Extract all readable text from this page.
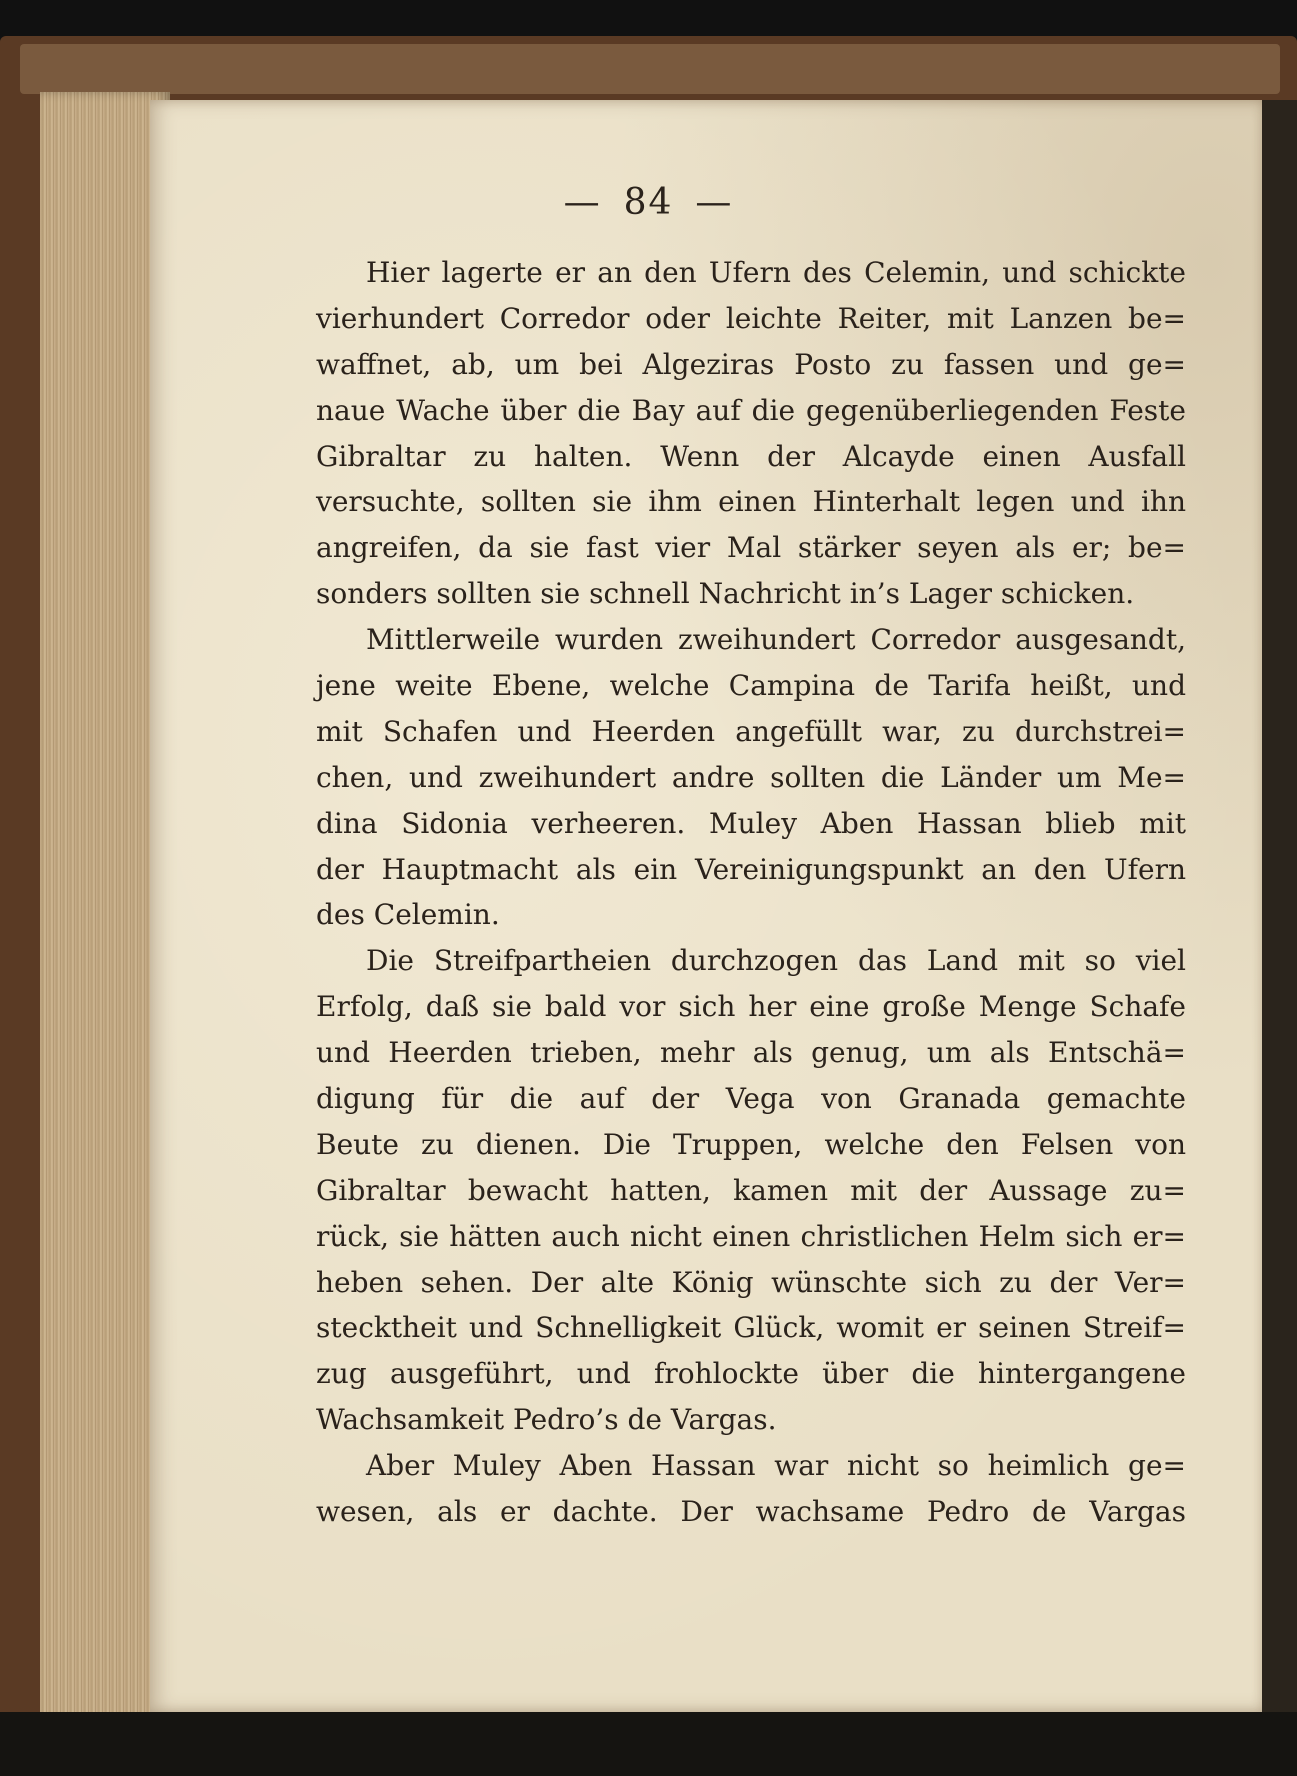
— 84 —

Hier lagerte er an den Ufern des Celemin, und schickte
vierhundert Corredor oder leichte Reiter, mit Lanzen be=
waffnet, ab, um bei Algeziras Posto zu fassen und ge=
naue Wache über die Bay auf die gegenüberliegenden Feste
Gibraltar zu halten. Wenn der Alcayde einen Ausfall
versuchte, sollten sie ihm einen Hinterhalt legen und ihn
angreifen, da sie fast vier Mal stärker seyen als er; be=
sonders sollten sie schnell Nachricht in’s Lager schicken.

Mittlerweile wurden zweihundert Corredor ausgesandt,
jene weite Ebene, welche Campina de Tarifa heißt, und
mit Schafen und Heerden angefüllt war, zu durchstrei=
chen, und zweihundert andre sollten die Länder um Me=
dina Sidonia verheeren. Muley Aben Hassan blieb mit
der Hauptmacht als ein Vereinigungspunkt an den Ufern
des Celemin.

Die Streifpartheien durchzogen das Land mit so viel
Erfolg, daß sie bald vor sich her eine große Menge Schafe
und Heerden trieben, mehr als genug, um als Entschä=
digung für die auf der Vega von Granada gemachte
Beute zu dienen. Die Truppen, welche den Felsen von
Gibraltar bewacht hatten, kamen mit der Aussage zu=
rück, sie hätten auch nicht einen christlichen Helm sich er=
heben sehen. Der alte König wünschte sich zu der Ver=
stecktheit und Schnelligkeit Glück, womit er seinen Streif=
zug ausgeführt, und frohlockte über die hintergangene
Wachsamkeit Pedro’s de Vargas.

Aber Muley Aben Hassan war nicht so heimlich ge=
wesen, als er dachte. Der wachsame Pedro de Vargas
